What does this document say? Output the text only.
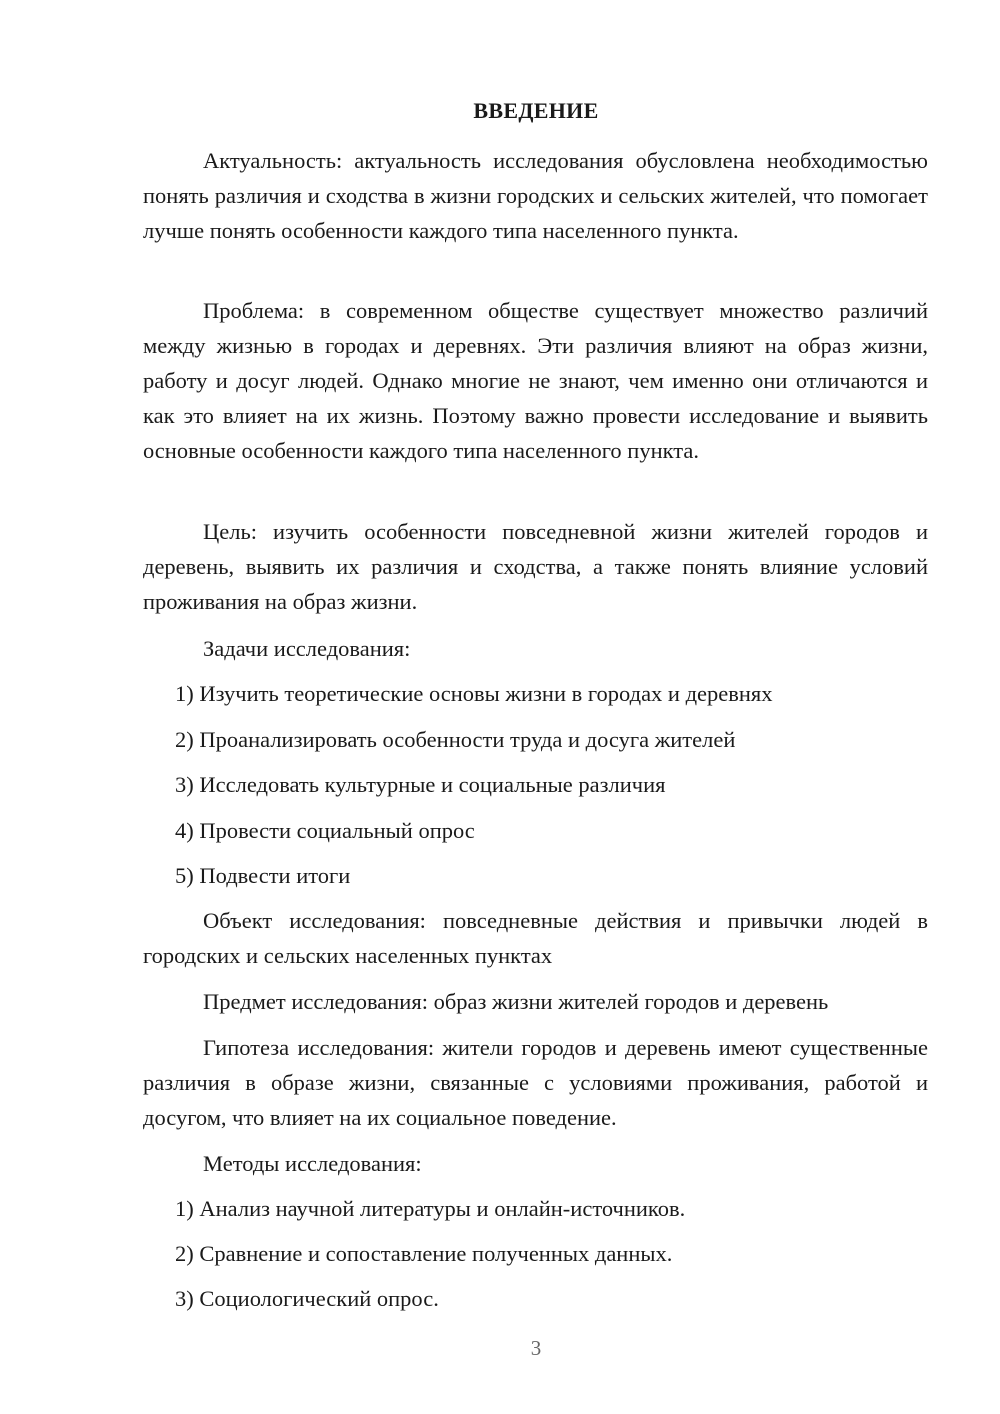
ВВЕДЕНИЕ

Актуальность: актуальность исследования обусловлена необходимостью понять различия и сходства в жизни городских и сельских жителей, что помогает лучше понять особенности каждого типа населенного пункта.

Проблема: в современном обществе существует множество различий между жизнью в городах и деревнях. Эти различия влияют на образ жизни, работу и досуг людей. Однако многие не знают, чем именно они отличаются и как это влияет на их жизнь. Поэтому важно провести исследование и выявить основные особенности каждого типа населенного пункта.

Цель: изучить особенности повседневной жизни жителей городов и деревень, выявить их различия и сходства, а также понять влияние условий проживания на образ жизни.

Задачи исследования:
1) Изучить теоретические основы жизни в городах и деревнях
2) Проанализировать особенности труда и досуга жителей
3) Исследовать культурные и социальные различия
4) Провести социальный опрос
5) Подвести итоги

Объект исследования: повседневные действия и привычки людей в городских и сельских населенных пунктах

Предмет исследования: образ жизни жителей городов и деревень

Гипотеза исследования: жители городов и деревень имеют существенные различия в образе жизни, связанные с условиями проживания, работой и досугом, что влияет на их социальное поведение.

Методы исследования:
1) Анализ научной литературы и онлайн-источников.
2) Сравнение и сопоставление полученных данных.
3) Социологический опрос.
3
